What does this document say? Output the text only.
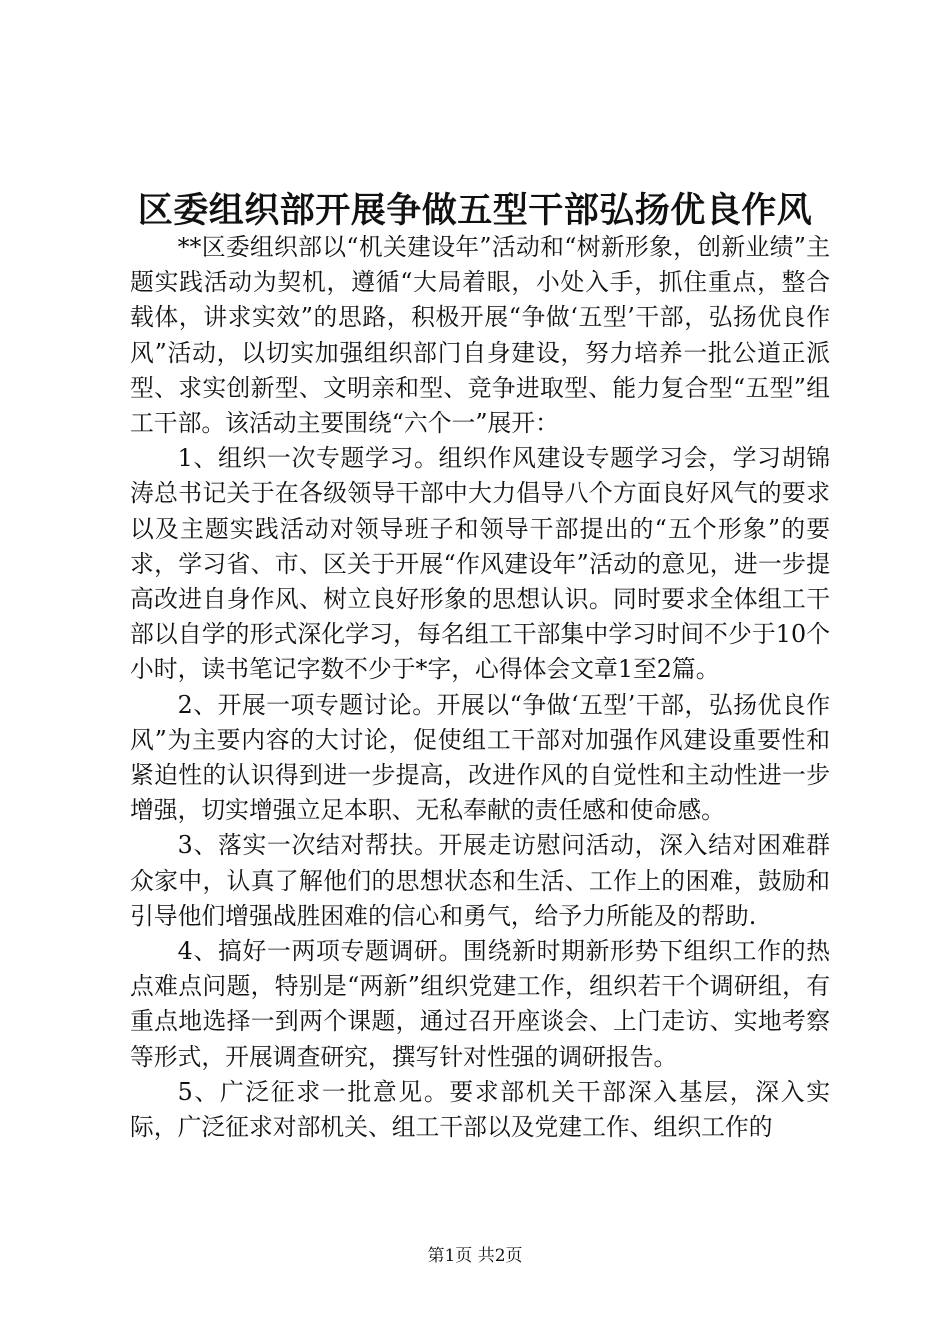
区委组织部开展争做五型干部弘扬优良作风

**区委组织部以“机关建设年”活动和“树新形象，创新业绩”主题实践活动为契机，遵循“大局着眼，小处入手，抓住重点，整合载体，讲求实效”的思路，积极开展“争做‘五型’干部，弘扬优良作风”活动，以切实加强组织部门自身建设，努力培养一批公道正派型、求实创新型、文明亲和型、竞争进取型、能力复合型“五型”组工干部。该活动主要围绕“六个一”展开：

1、组织一次专题学习。组织作风建设专题学习会，学习胡锦涛总书记关于在各级领导干部中大力倡导八个方面良好风气的要求以及主题实践活动对领导班子和领导干部提出的“五个形象”的要求，学习省、市、区关于开展“作风建设年”活动的意见，进一步提高改进自身作风、树立良好形象的思想认识。同时要求全体组工干部以自学的形式深化学习，每名组工干部集中学习时间不少于10个小时，读书笔记字数不少于*字，心得体会文章1至2篇。

2、开展一项专题讨论。开展以“争做‘五型’干部，弘扬优良作风”为主要内容的大讨论，促使组工干部对加强作风建设重要性和紧迫性的认识得到进一步提高，改进作风的自觉性和主动性进一步增强，切实增强立足本职、无私奉献的责任感和使命感。

3、落实一次结对帮扶。开展走访慰问活动，深入结对困难群众家中，认真了解他们的思想状态和生活、工作上的困难，鼓励和引导他们增强战胜困难的信心和勇气，给予力所能及的帮助.

4、搞好一两项专题调研。围绕新时期新形势下组织工作的热点难点问题，特别是“两新”组织党建工作，组织若干个调研组，有重点地选择一到两个课题，通过召开座谈会、上门走访、实地考察等形式，开展调查研究，撰写针对性强的调研报告。

5、广泛征求一批意见。要求部机关干部深入基层，深入实际，广泛征求对部机关、组工干部以及党建工作、组织工作的

第1页 共2页
